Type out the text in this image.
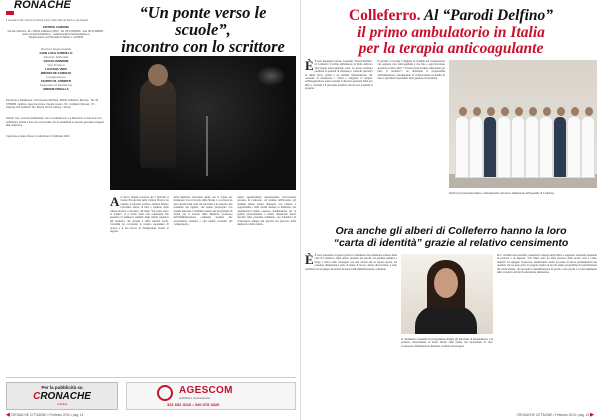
RONACHE
Il mensile di tutti i comuni dei Monti Lepini, della Valle del Sacco e dei Castelli
EDITRICE CARDONE
Via Don Minzoni, 46 - 00034 Colleferro (RM) - Tel. 06 97303036 - Fax 06 97308000 - www.cronachecittadine.it - redazione@cronachecittadine.it
Registrazione al Tribunale di Velletri n. 12/2005
Direttore Responsabile
GIAN LUCA CARDILLO
Direttore Editoriale
GIULIO IANNONE
Vice Direttori
LUCIANA VINO
BRUNO DE CAROLIS
Impaginazione
FILIPPO M. COMPATI
Segretaria di Redazione
MIRIAM CIMALLA
Direzione e Redazione: Via Fontana dell'Oste, 00034 Colleferro (Roma) - Tel. 06 9769045 - Editore, Agenzia Incisa, Via del Lavoro, 15 - Collefero (Roma) - P.I. - Stampa: Arti Grafiche Tris, Monte Porzio Catone - Roma
Articoli, foto, annunci pubblicitari: non si restituiscono. La Direzione si riserva di non pubblicare articoli e foto non concordati. Per la pubblicità su questo giornale rivolgersi alla redazione.
Il giornale è stato chiuso in redazione il 3 febbraio 2010
“Un ponte verso le scuole”,
incontro con lo scrittore
A A Sacco Venezia Gioiosa del 2 febbraio il Centro Provinciale della Cultura Ebraica ha ospitato il giovane scrittore ebraista Matteo Corradini, autore di libri e studioso della cultura ebraica. L'incontro, dal titolo “Un ponte verso le scuole”, si è svolto nella sala conferenze alla presenza di numerosi studenti degli istituti superiori del territorio, dei docenti e delle autorità locali. Corradini ha raccontato la propria esperienza di ricerca e il suo lavoro di divulgazione rivolto ai ragazzi.
nella memoria, lavorando anche con le scuole per mantenere vivo il ricordo della Shoah. Lo scrittore ha letto alcuni brani tratti dai suoi libri e ha risposto alle domande dei ragazzi, che hanno partecipato con grande interesse. L'iniziativa rientra nel programma di eventi per il Giorno della Memoria promosso dall'amministrazione comunale insieme alle associazioni culturali e agli istituti scolastici del comprensorio.
questi appuntamenti rappresentano un'occasione preziosa di confronto. Al termine dell'incontro gli studenti hanno potuto dialogare con l'autore e approfondire i temi trattati durante la mattinata. Gli organizzatori hanno espresso soddisfazione per la grande partecipazione e hanno annunciato nuovi incontri nelle prossime settimane, con l'obiettivo di coinvolgere sempre più giovani nel percorso della memoria e della cultura.
Per la pubblicità su
CRONACHE
cittadine
AGESCOM
pubblicità e comunicazione
331 652 3116 • 340 578 3326
◀ CRONACHE CITTADINE • Febbraio 2010 • pag. 14
Colleferro. Al “Parodi Delfino”
il primo ambulatorio in Italia
per la terapia anticoagulante
È È stato inaugurato presso l'ospedale “Parodi Delfino” di Colleferro il primo ambulatorio in Italia dedicato alla terapia anticoagulante orale. La nuova struttura permette ai pazienti di effettuare i controlli periodici in tempi brevi, grazie a un sistema informatizzato che consente di monitorare i valori e adeguare la terapia. All'inaugurazione erano presenti il direttore generale della Asl Rm G, i primari e il personale sanitario che ha reso possibile il progetto.
Il servizio si rivolge a migliaia di cittadini del comprensorio che seguono cure anticoagulanti e che fino a oggi dovevano spostarsi in altri centri. “Si tratta di un risultato importante per tutto il territorio”, ha dichiarato il responsabile dell'ambulatorio, sottolineando la collaborazione tra medici di base e specialisti ospedalieri nella gestione del paziente.
Nella foto il personale medico e infermieristico del nuovo ambulatorio dell'ospedale di Colleferro.
Ora anche gli alberi di Colleferro hanno la loro
“carta di identità” grazie al relativo censimento
È È stato presentato in questi giorni il censimento del patrimonio arboreo della città di Colleferro. Ogni albero presente nei parchi, nei giardini pubblici e lungo i viali è stato catalogato con una scheda che ne riporta specie, età presunta, dimensioni e stato di salute. Il lavoro, durato diversi mesi, è stato realizzato da un gruppo di tecnici incaricati dall'amministrazione comunale.
Il censimento consentirà di programmare meglio gli interventi di manutenzione e di potatura, intervenendo in modo mirato sulle piante che necessitano di cure. L'assessore all'ambiente ha illustrato i risultati del progetto.
Per i cittadini sarà possibile consultare la mappa degli alberi e segnalare eventuali situazioni di pericolo o di degrado. “Gli alberi sono un bene prezioso della nostra città e vanno tutelati”, ha spiegato l'assessore, annunciando anche un piano di nuove piantumazioni nei quartieri che ne sono privi. Il progetto rientra in un più ampio programma di valorizzazione del verde urbano, che prevede la riqualificazione di parchi e aree giochi e il coinvolgimento delle scuole in attività di educazione ambientale.
CRONACHE CITTADINE • Febbraio 2010 • pag. 15 ▶
